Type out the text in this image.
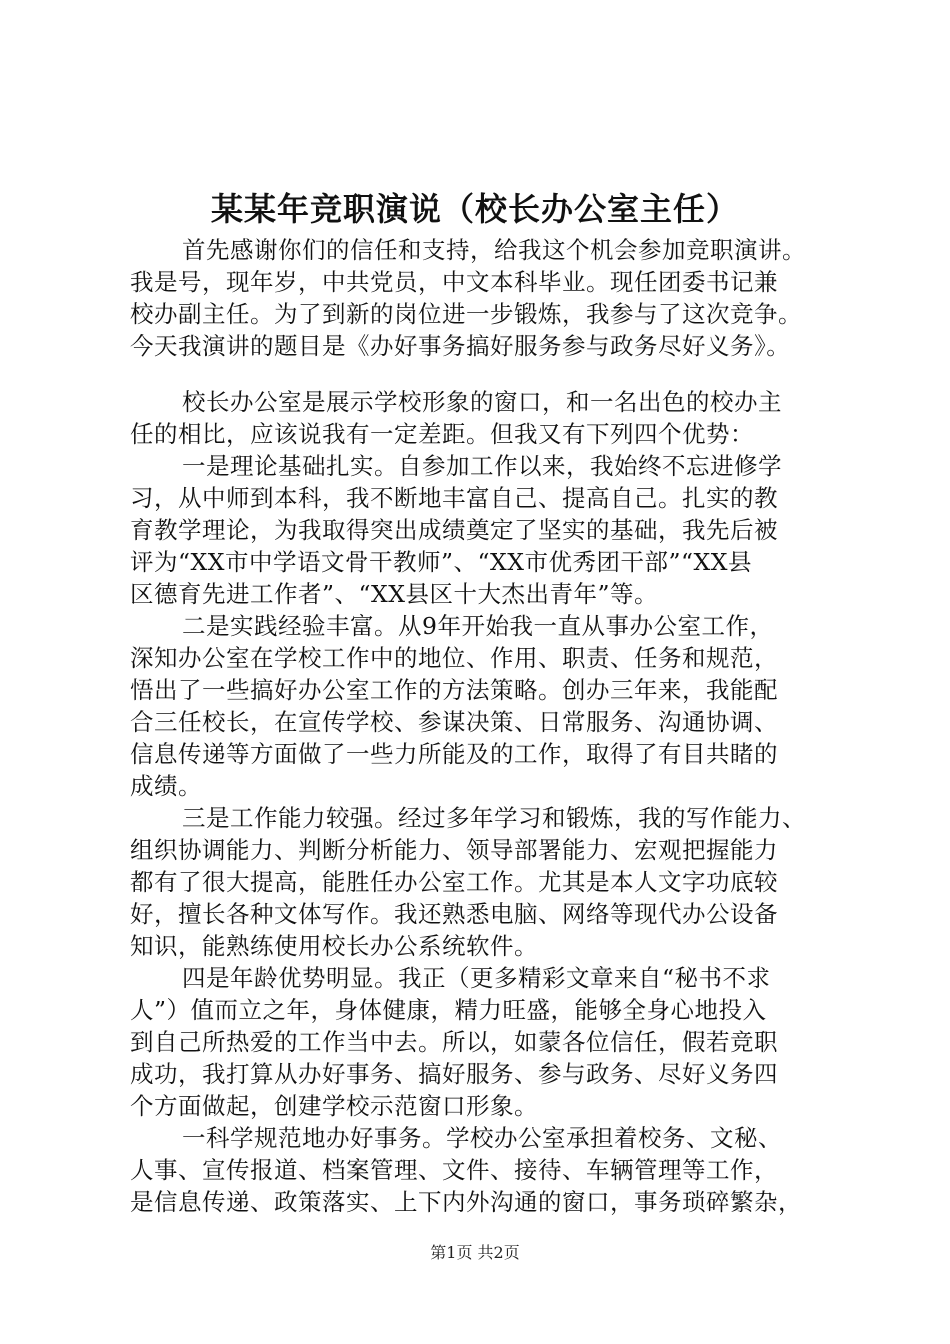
某某年竞职演说（校长办公室主任）

首先感谢你们的信任和支持，给我这个机会参加竞职演讲。
我是号，现年岁，中共党员，中文本科毕业。现任团委书记兼
校办副主任。为了到新的岗位进一步锻炼，我参与了这次竞争。
今天我演讲的题目是《办好事务搞好服务参与政务尽好义务》。

校长办公室是展示学校形象的窗口，和一名出色的校办主
任的相比，应该说我有一定差距。但我又有下列四个优势：

一是理论基础扎实。自参加工作以来，我始终不忘进修学
习，从中师到本科，我不断地丰富自己、提高自己。扎实的教
育教学理论，为我取得突出成绩奠定了坚实的基础，我先后被
评为“XX市中学语文骨干教师”、“XX市优秀团干部”“XX县
区德育先进工作者”、“XX县区十大杰出青年”等。

二是实践经验丰富。从9年开始我一直从事办公室工作，
深知办公室在学校工作中的地位、作用、职责、任务和规范，
悟出了一些搞好办公室工作的方法策略。创办三年来，我能配
合三任校长，在宣传学校、参谋决策、日常服务、沟通协调、
信息传递等方面做了一些力所能及的工作，取得了有目共睹的
成绩。

三是工作能力较强。经过多年学习和锻炼，我的写作能力、
组织协调能力、判断分析能力、领导部署能力、宏观把握能力
都有了很大提高，能胜任办公室工作。尤其是本人文字功底较
好，擅长各种文体写作。我还熟悉电脑、网络等现代办公设备
知识，能熟练使用校长办公系统软件。

四是年龄优势明显。我正（更多精彩文章来自“秘书不求
人”）值而立之年，身体健康，精力旺盛，能够全身心地投入
到自己所热爱的工作当中去。所以，如蒙各位信任，假若竞职
成功，我打算从办好事务、搞好服务、参与政务、尽好义务四
个方面做起，创建学校示范窗口形象。

一科学规范地办好事务。学校办公室承担着校务、文秘、
人事、宣传报道、档案管理、文件、接待、车辆管理等工作，
是信息传递、政策落实、上下内外沟通的窗口，事务琐碎繁杂，

第1页 共2页
